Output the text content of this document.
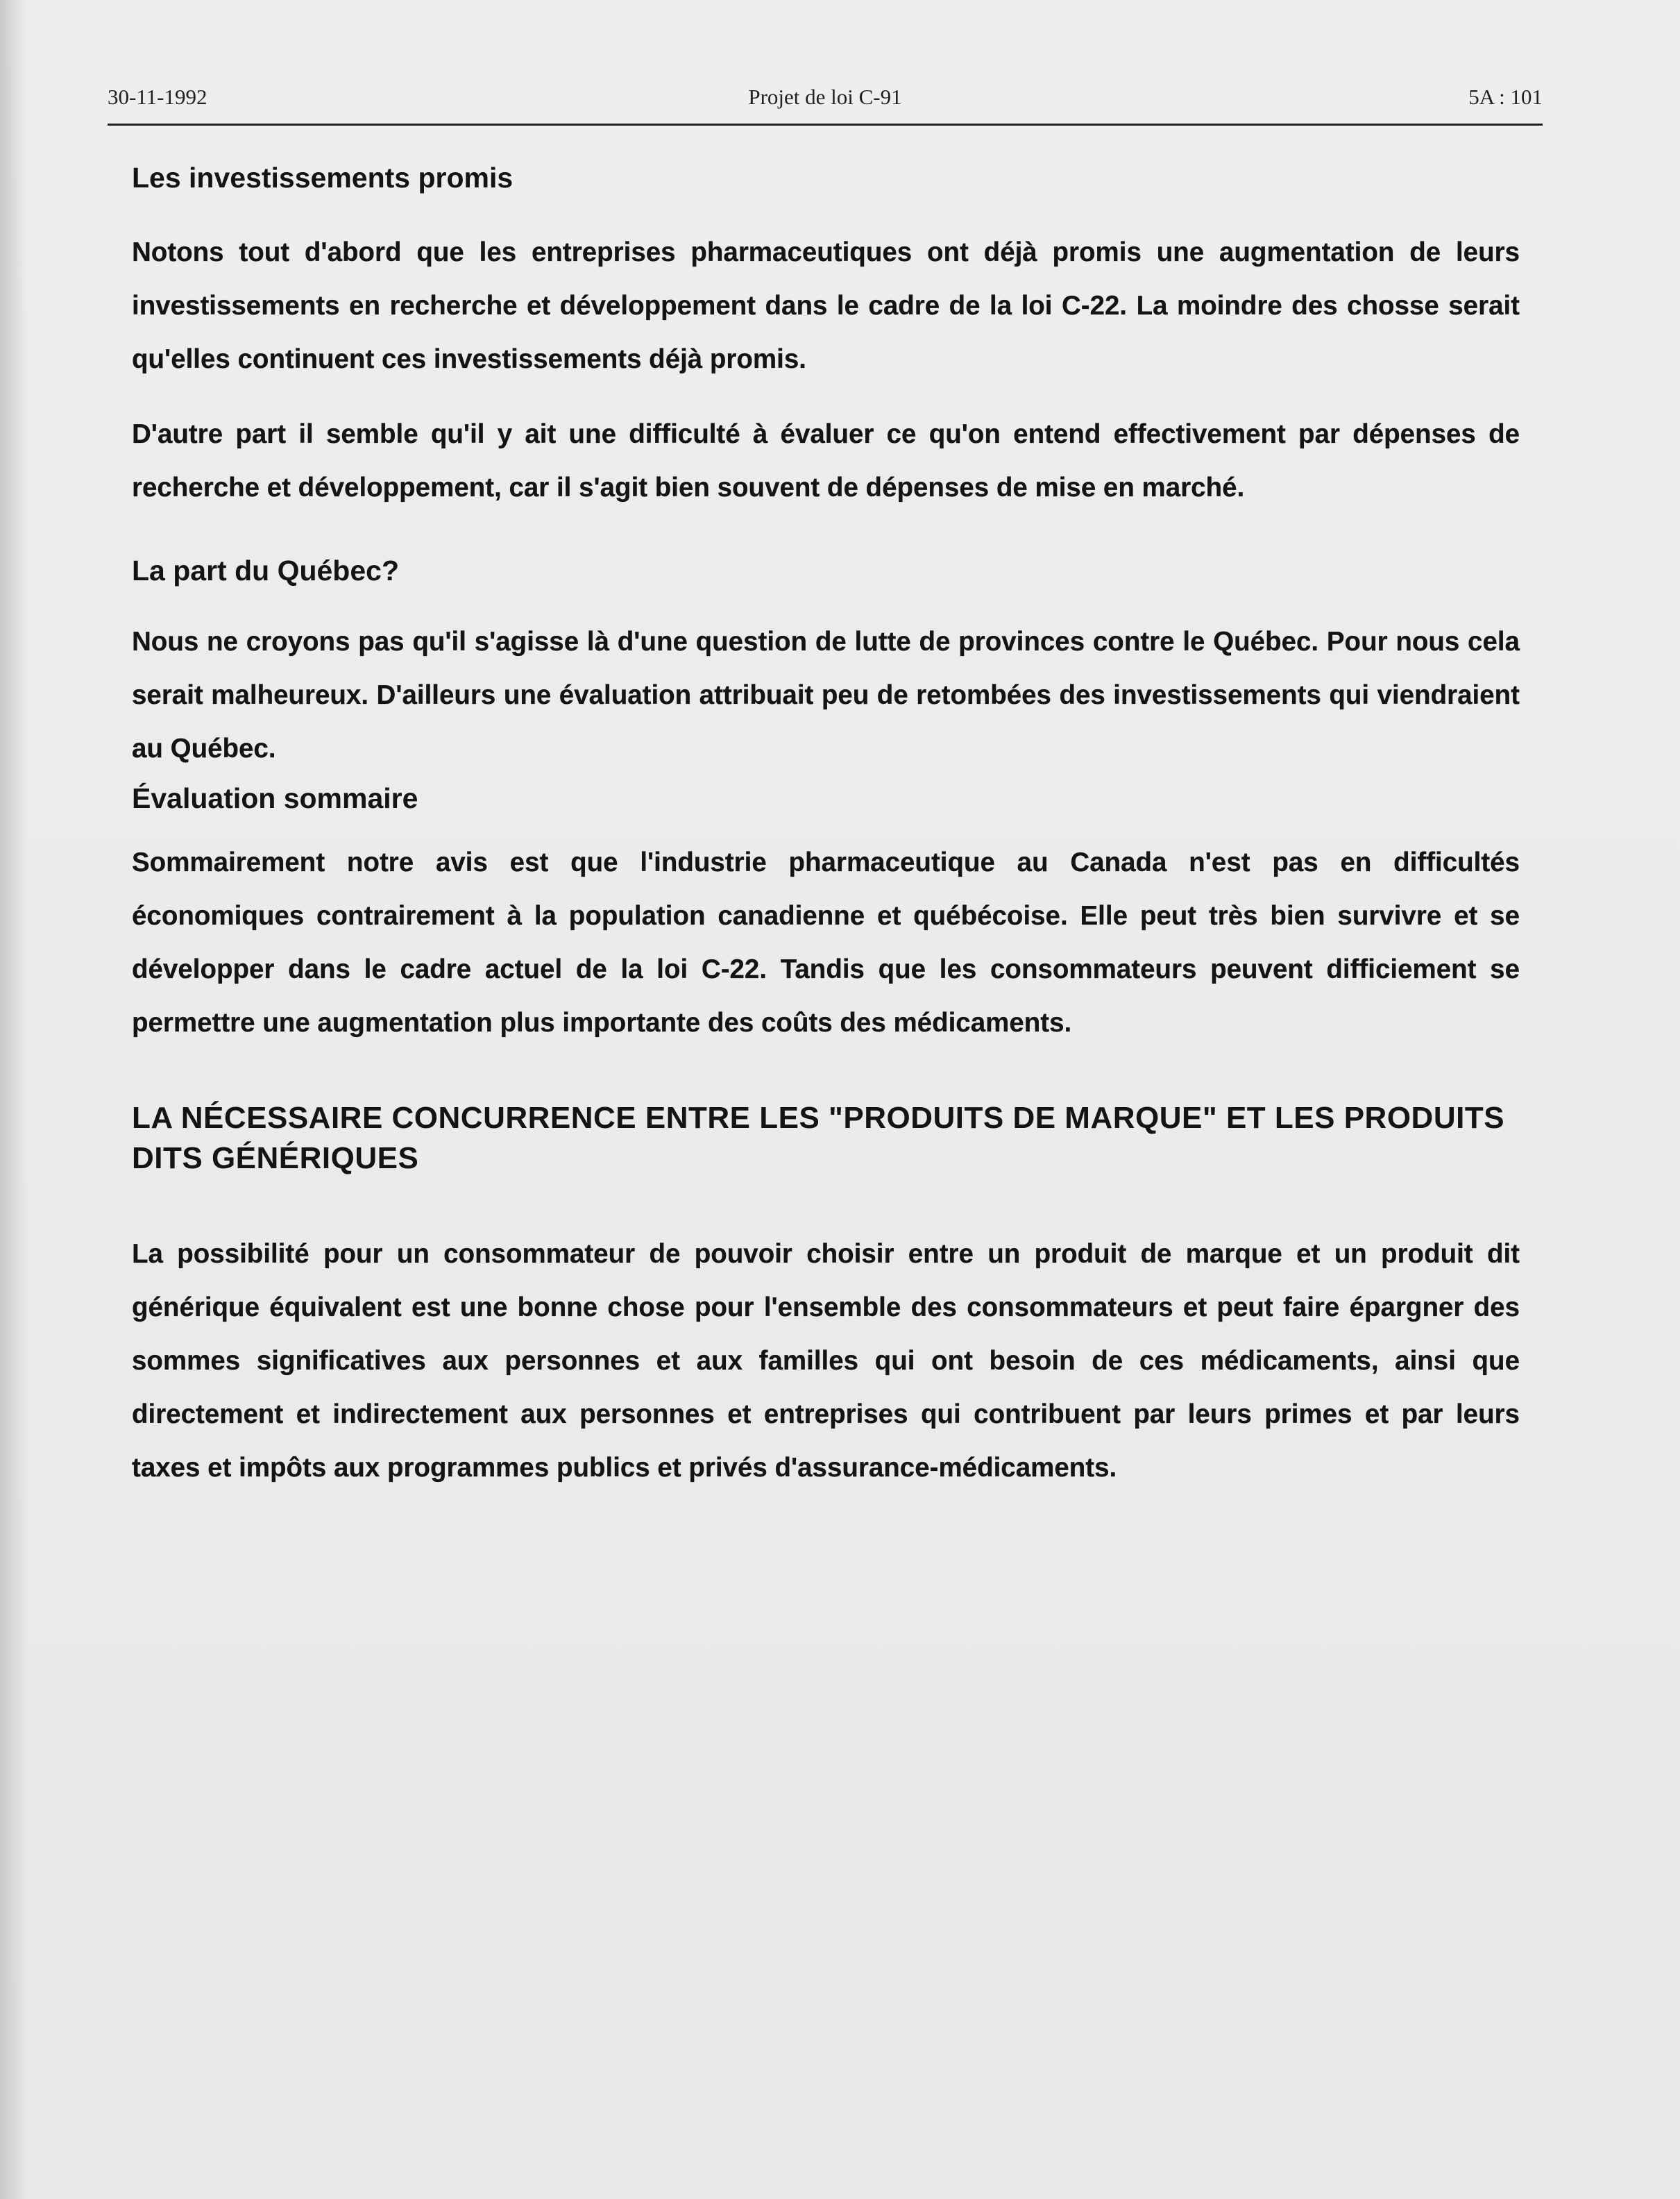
30-11-1992	Projet de loi C-91	5A : 101
Les investissements promis

Notons tout d'abord que les entreprises pharmaceutiques ont déjà promis une augmentation de leurs investissements en recherche et développement dans le cadre de la loi C-22. La moindre des chosse serait qu'elles continuent ces investissements déjà promis.

D'autre part il semble qu'il y ait une difficulté à évaluer ce qu'on entend effectivement par dépenses de recherche et développement, car il s'agit bien souvent de dépenses de mise en marché.

La part du Québec?

Nous ne croyons pas qu'il s'agisse là d'une question de lutte de provinces contre le Québec. Pour nous cela serait malheureux. D'ailleurs une évaluation attribuait peu de retombées des investissements qui viendraient au Québec.

Évaluation sommaire

Sommairement notre avis est que l'industrie pharmaceutique au Canada n'est pas en difficultés économiques contrairement à la population canadienne et québécoise. Elle peut très bien survivre et se développer dans le cadre actuel de la loi C-22. Tandis que les consommateurs peuvent difficiement se permettre une augmentation plus importante des coûts des médicaments.

LA NÉCESSAIRE CONCURRENCE ENTRE LES "PRODUITS DE MARQUE" ET LES PRODUITS DITS GÉNÉRIQUES

La possibilité pour un consommateur de pouvoir choisir entre un produit de marque et un produit dit générique équivalent est une bonne chose pour l'ensemble des consommateurs et peut faire épargner des sommes significatives aux personnes et aux familles qui ont besoin de ces médicaments, ainsi que directement et indirectement aux personnes et entreprises qui contribuent par leurs primes et par leurs taxes et impôts aux programmes publics et privés d'assurance-médicaments.
